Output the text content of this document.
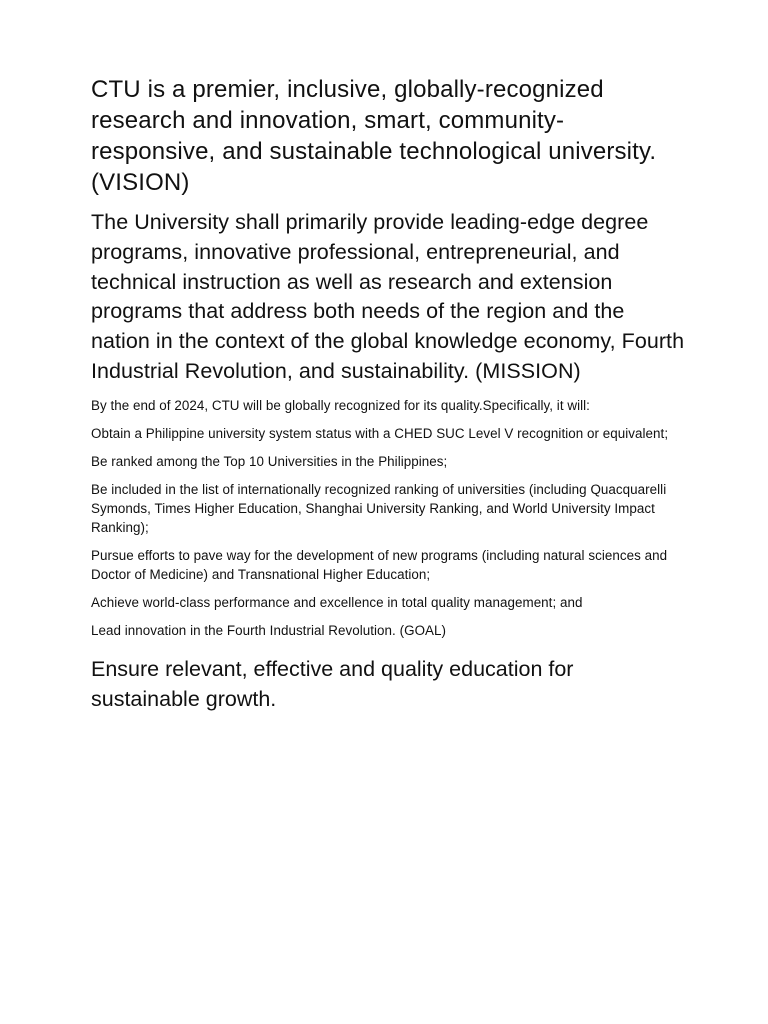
CTU is a premier, inclusive, globally-recognized research and innovation, smart, community-responsive, and sustainable technological university. (VISION)

The University shall primarily provide leading-edge degree programs, innovative professional, entrepreneurial, and technical instruction as well as research and extension programs that address both needs of the region and the nation in the context of the global knowledge economy, Fourth Industrial Revolution, and sustainability. (MISSION)

By the end of 2024, CTU will be globally recognized for its quality.Specifically, it will:
Obtain a Philippine university system status with a CHED SUC Level V recognition or equivalent;
Be ranked among the Top 10 Universities in the Philippines;
Be included in the list of internationally recognized ranking of universities (including Quacquarelli Symonds, Times Higher Education, Shanghai University Ranking, and World University Impact Ranking);
Pursue efforts to pave way for the development of new programs (including natural sciences and Doctor of Medicine) and Transnational Higher Education;
Achieve world-class performance and excellence in total quality management; and
Lead innovation in the Fourth Industrial Revolution. (GOAL)

Ensure relevant, effective and quality education for sustainable growth.
